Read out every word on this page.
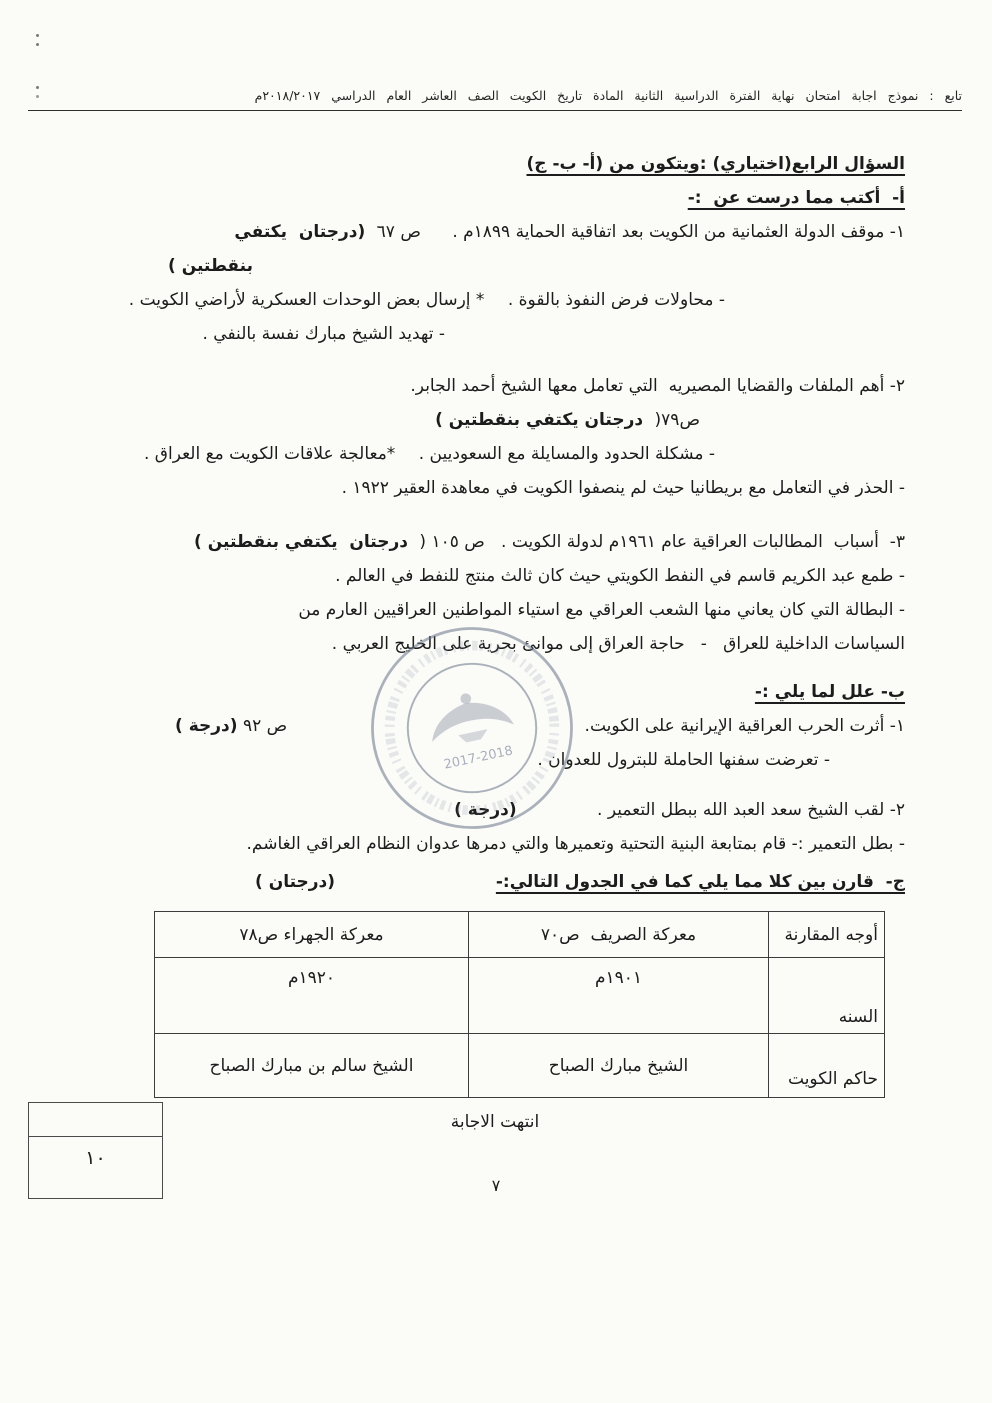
تابع : نموذج اجابة امتحان نهاية الفترة الدراسية الثانية المادة تاريخ الكويت الصف العاشر العام الدراسي ٢٠١٨/٢٠١٧م
السؤال الرابع(اختياري) :ويتكون من (أ- ب- ج)
أ-  أكتب مما درست عن  :-
١- موقف الدولة العثمانية من الكويت بعد اتفاقية الحماية ١٨٩٩م . ص ٦٧ (درجتان  يكتفي
بنقطتين )
- محاولات فرض النفوذ بالقوة . * إرسال بعض الوحدات العسكرية لأراضي الكويت .
- تهديد الشيخ مبارك نفسة بالنفي .
٢- أهم الملفات والقضايا المصيريه  التي تعامل معها الشيخ أحمد الجابر.
ص٧٩( درجتان يكتفي بنقطتين )
- مشكلة الحدود والمسايلة مع السعوديين . *معالجة علاقات الكويت مع العراق .
- الحذر في التعامل مع بريطانيا حيث لم ينصفوا الكويت في معاهدة العقير ١٩٢٢ .
٣-  أسباب  المطالبات العراقية عام ١٩٦١م لدولة الكويت .   ص ١٠٥ ( درجتان  يكتفي بنقطتين )
- طمع عبد الكريم قاسم في النفط الكويتي حيث كان ثالث منتج للنفط في العالم .
- البطالة التي كان يعاني منها الشعب العراقي مع استياء المواطنين العراقيين العارم من
السياسات الداخلية للعراق   -   حاجة العراق إلى موانئ بحرية على الخليج العربي .
ب- علل لما يلي :-
١- أثرت الحرب العراقية الإيرانية على الكويت.
ص ٩٢ (درجة )
- تعرضت سفنها الحاملة للبترول للعدوان .
٢- لقب الشيخ سعد العبد الله ببطل التعمير . (درجة )
- بطل التعمير :- قام بمتابعة البنية التحتية وتعميرها والتي دمرها عدوان النظام العراقي الغاشم.
ج-  قارن بين كلا مما يلي كما في الجدول التالي:-
(درجتان )
أوجه المقارنة	معركة الصريف  ص٧٠	معركة الجهراء ص٧٨
السنه	١٩٠١م	١٩٢٠م
حاكم الكويت	الشيخ مبارك الصباح	الشيخ سالم بن مبارك الصباح
انتهت الاجابة
2017-2018
١٠
٧
